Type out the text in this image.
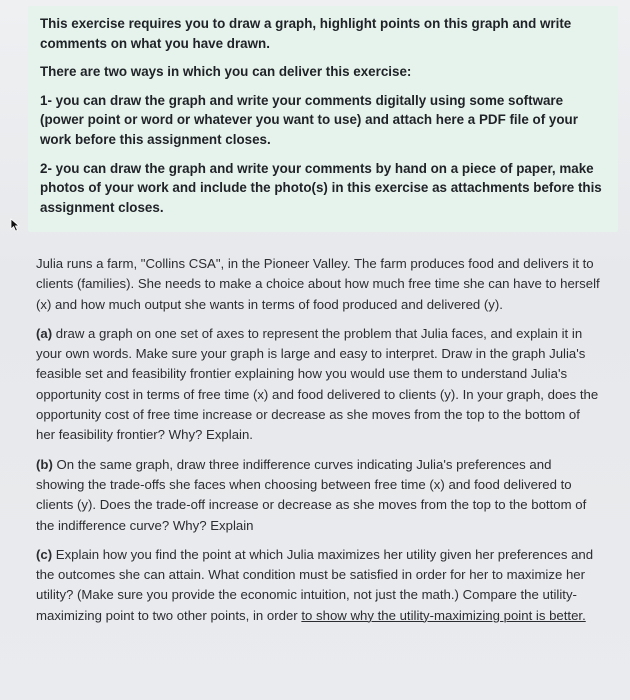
This exercise requires you to draw a graph, highlight points on this graph and write comments on what you have drawn.

There are two ways in which you can deliver this exercise:

1- you can draw the graph and write your comments digitally using some software (power point or word or whatever you want to use) and attach here a PDF file of your work before this assignment closes.

2- you can draw the graph and write your comments by hand on a piece of paper, make photos of your work and include the photo(s) in this exercise as attachments before this assignment closes.

Julia runs a farm, "Collins CSA", in the Pioneer Valley. The farm produces food and delivers it to clients (families). She needs to make a choice about how much free time she can have to herself (x) and how much output she wants in terms of food produced and delivered (y).

(a) draw a graph on one set of axes to represent the problem that Julia faces, and explain it in your own words. Make sure your graph is large and easy to interpret. Draw in the graph Julia's feasible set and feasibility frontier explaining how you would use them to understand Julia's opportunity cost in terms of free time (x) and food delivered to clients (y). In your graph, does the opportunity cost of free time increase or decrease as she moves from the top to the bottom of her feasibility frontier? Why? Explain.

(b) On the same graph, draw three indifference curves indicating Julia's preferences and showing the trade-offs she faces when choosing between free time (x) and food delivered to clients (y). Does the trade-off increase or decrease as she moves from the top to the bottom of the indifference curve? Why? Explain

(c) Explain how you find the point at which Julia maximizes her utility given her preferences and the outcomes she can attain. What condition must be satisfied in order for her to maximize her utility? (Make sure you provide the economic intuition, not just the math.) Compare the utility-maximizing point to two other points, in order to show why the utility-maximizing point is better.
